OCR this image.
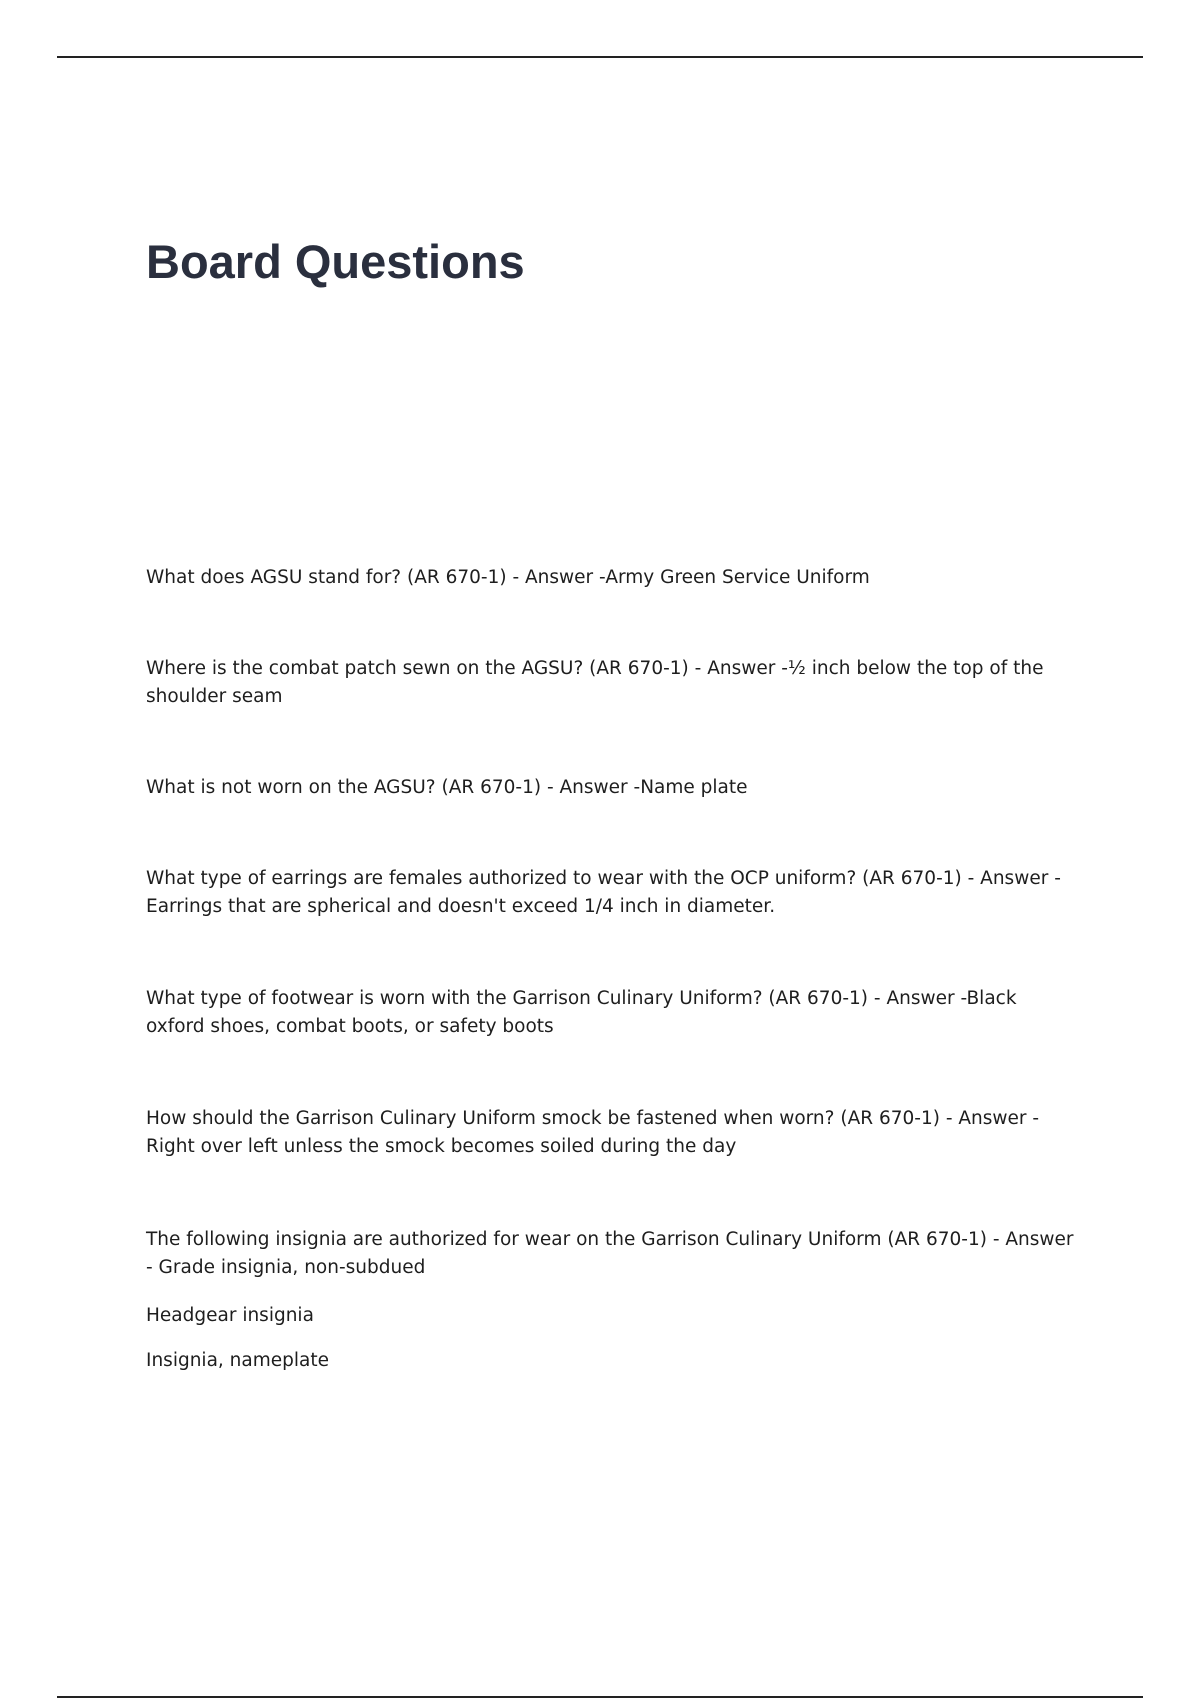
Board Questions

What does AGSU stand for? (AR 670-1) - Answer -Army Green Service Uniform

Where is the combat patch sewn on the AGSU? (AR 670-1) - Answer -½ inch below the top of the shoulder seam

What is not worn on the AGSU? (AR 670-1) - Answer -Name plate

What type of earrings are females authorized to wear with the OCP uniform? (AR 670-1) - Answer - Earrings that are spherical and doesn't exceed 1/4 inch in diameter.

What type of footwear is worn with the Garrison Culinary Uniform? (AR 670-1) - Answer -Black oxford shoes, combat boots, or safety boots

How should the Garrison Culinary Uniform smock be fastened when worn? (AR 670-1) - Answer -Right over left unless the smock becomes soiled during the day

The following insignia are authorized for wear on the Garrison Culinary Uniform (AR 670-1) - Answer - Grade insignia, non-subdued

Headgear insignia

Insignia, nameplate
